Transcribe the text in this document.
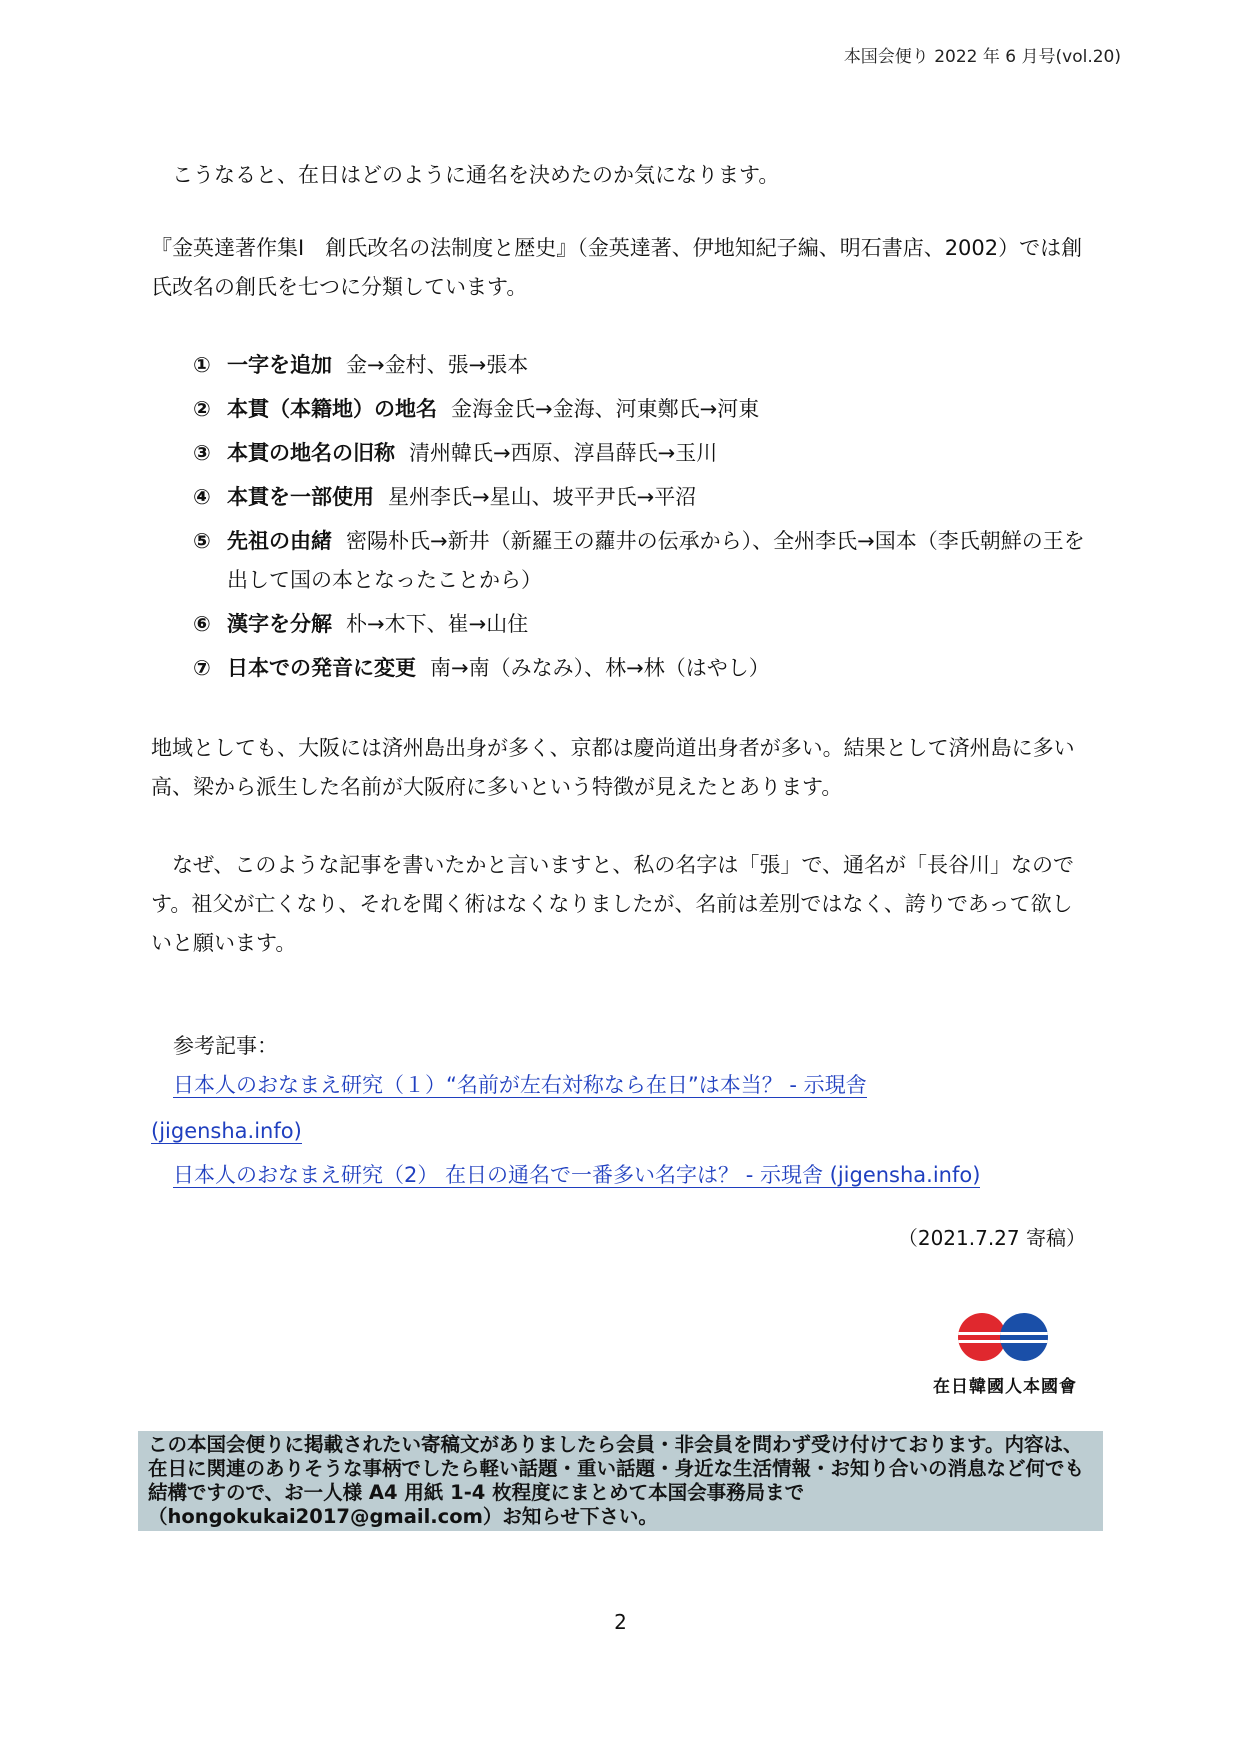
本国会便り 2022 年 6 月号(vol.20)
　こうなると、在日はどのように通名を決めたのか気になります。
『金英達著作集Ⅰ　創氏改名の法制度と歴史』（金英達著、伊地知紀子編、明石書店、2002）では創氏改名の創氏を七つに分類しています。
① 一字を追加 金→金村、張→張本
② 本貫（本籍地）の地名 金海金氏→金海、河東鄭氏→河東
③ 本貫の地名の旧称 清州韓氏→西原、淳昌薛氏→玉川
④ 本貫を一部使用 星州李氏→星山、坡平尹氏→平沼
⑤ 先祖の由緒 密陽朴氏→新井（新羅王の蘿井の伝承から）、全州李氏→国本（李氏朝鮮の王を出して国の本となったことから）
⑥ 漢字を分解 朴→木下、崔→山住
⑦ 日本での発音に変更 南→南（みなみ）、林→林（はやし）
地域としても、大阪には済州島出身が多く、京都は慶尚道出身者が多い。結果として済州島に多い高、梁から派生した名前が大阪府に多いという特徴が見えたとあります。
　なぜ、このような記事を書いたかと言いますと、私の名字は「張」で、通名が「長谷川」なのです。祖父が亡くなり、それを聞く術はなくなりましたが、名前は差別ではなく、誇りであって欲しいと願います。
参考記事：
日本人のおなまえ研究（１）“名前が左右対称なら在日”は本当？ - 示現舎
(jigensha.info)
日本人のおなまえ研究（2） 在日の通名で一番多い名字は？ - 示現舎 (jigensha.info)
（2021.7.27 寄稿）
在日韓國人本國會
この本国会便りに掲載されたい寄稿文がありましたら会員・非会員を問わず受け付けております。内容は、在日に関連のありそうな事柄でしたら軽い話題・重い話題・身近な生活情報・お知り合いの消息など何でも結構ですので、お一人様 A4 用紙 1-4 枚程度にまとめて本国会事務局まで（hongokukai2017@gmail.com）お知らせ下さい。
2
